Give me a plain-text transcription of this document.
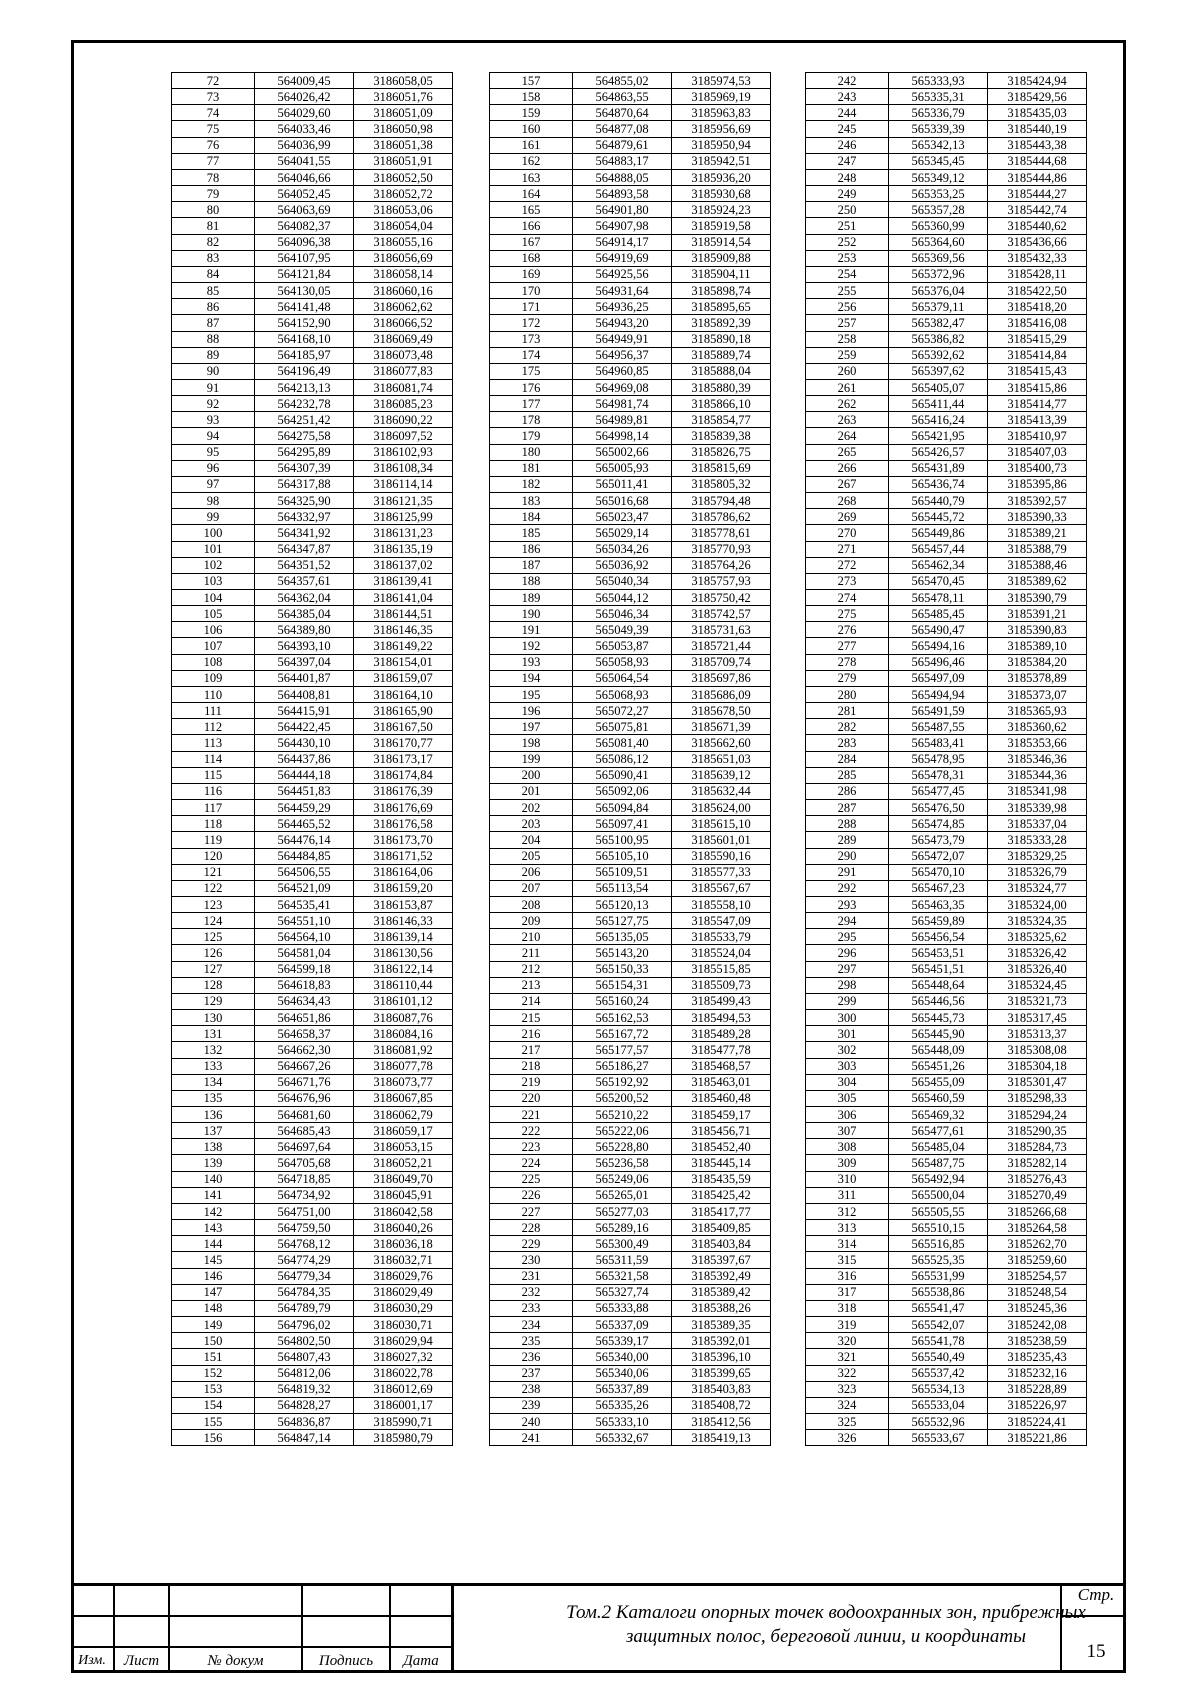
72	564009,45	3186058,05
73	564026,42	3186051,76
74	564029,60	3186051,09
75	564033,46	3186050,98
76	564036,99	3186051,38
77	564041,55	3186051,91
78	564046,66	3186052,50
79	564052,45	3186052,72
80	564063,69	3186053,06
81	564082,37	3186054,04
82	564096,38	3186055,16
83	564107,95	3186056,69
84	564121,84	3186058,14
85	564130,05	3186060,16
86	564141,48	3186062,62
87	564152,90	3186066,52
88	564168,10	3186069,49
89	564185,97	3186073,48
90	564196,49	3186077,83
91	564213,13	3186081,74
92	564232,78	3186085,23
93	564251,42	3186090,22
94	564275,58	3186097,52
95	564295,89	3186102,93
96	564307,39	3186108,34
97	564317,88	3186114,14
98	564325,90	3186121,35
99	564332,97	3186125,99
100	564341,92	3186131,23
101	564347,87	3186135,19
102	564351,52	3186137,02
103	564357,61	3186139,41
104	564362,04	3186141,04
105	564385,04	3186144,51
106	564389,80	3186146,35
107	564393,10	3186149,22
108	564397,04	3186154,01
109	564401,87	3186159,07
110	564408,81	3186164,10
111	564415,91	3186165,90
112	564422,45	3186167,50
113	564430,10	3186170,77
114	564437,86	3186173,17
115	564444,18	3186174,84
116	564451,83	3186176,39
117	564459,29	3186176,69
118	564465,52	3186176,58
119	564476,14	3186173,70
120	564484,85	3186171,52
121	564506,55	3186164,06
122	564521,09	3186159,20
123	564535,41	3186153,87
124	564551,10	3186146,33
125	564564,10	3186139,14
126	564581,04	3186130,56
127	564599,18	3186122,14
128	564618,83	3186110,44
129	564634,43	3186101,12
130	564651,86	3186087,76
131	564658,37	3186084,16
132	564662,30	3186081,92
133	564667,26	3186077,78
134	564671,76	3186073,77
135	564676,96	3186067,85
136	564681,60	3186062,79
137	564685,43	3186059,17
138	564697,64	3186053,15
139	564705,68	3186052,21
140	564718,85	3186049,70
141	564734,92	3186045,91
142	564751,00	3186042,58
143	564759,50	3186040,26
144	564768,12	3186036,18
145	564774,29	3186032,71
146	564779,34	3186029,76
147	564784,35	3186029,49
148	564789,79	3186030,29
149	564796,02	3186030,71
150	564802,50	3186029,94
151	564807,43	3186027,32
152	564812,06	3186022,78
153	564819,32	3186012,69
154	564828,27	3186001,17
155	564836,87	3185990,71
156	564847,14	3185980,79
157	564855,02	3185974,53
158	564863,55	3185969,19
159	564870,64	3185963,83
160	564877,08	3185956,69
161	564879,61	3185950,94
162	564883,17	3185942,51
163	564888,05	3185936,20
164	564893,58	3185930,68
165	564901,80	3185924,23
166	564907,98	3185919,58
167	564914,17	3185914,54
168	564919,69	3185909,88
169	564925,56	3185904,11
170	564931,64	3185898,74
171	564936,25	3185895,65
172	564943,20	3185892,39
173	564949,91	3185890,18
174	564956,37	3185889,74
175	564960,85	3185888,04
176	564969,08	3185880,39
177	564981,74	3185866,10
178	564989,81	3185854,77
179	564998,14	3185839,38
180	565002,66	3185826,75
181	565005,93	3185815,69
182	565011,41	3185805,32
183	565016,68	3185794,48
184	565023,47	3185786,62
185	565029,14	3185778,61
186	565034,26	3185770,93
187	565036,92	3185764,26
188	565040,34	3185757,93
189	565044,12	3185750,42
190	565046,34	3185742,57
191	565049,39	3185731,63
192	565053,87	3185721,44
193	565058,93	3185709,74
194	565064,54	3185697,86
195	565068,93	3185686,09
196	565072,27	3185678,50
197	565075,81	3185671,39
198	565081,40	3185662,60
199	565086,12	3185651,03
200	565090,41	3185639,12
201	565092,06	3185632,44
202	565094,84	3185624,00
203	565097,41	3185615,10
204	565100,95	3185601,01
205	565105,10	3185590,16
206	565109,51	3185577,33
207	565113,54	3185567,67
208	565120,13	3185558,10
209	565127,75	3185547,09
210	565135,05	3185533,79
211	565143,20	3185524,04
212	565150,33	3185515,85
213	565154,31	3185509,73
214	565160,24	3185499,43
215	565162,53	3185494,53
216	565167,72	3185489,28
217	565177,57	3185477,78
218	565186,27	3185468,57
219	565192,92	3185463,01
220	565200,52	3185460,48
221	565210,22	3185459,17
222	565222,06	3185456,71
223	565228,80	3185452,40
224	565236,58	3185445,14
225	565249,06	3185435,59
226	565265,01	3185425,42
227	565277,03	3185417,77
228	565289,16	3185409,85
229	565300,49	3185403,84
230	565311,59	3185397,67
231	565321,58	3185392,49
232	565327,74	3185389,42
233	565333,88	3185388,26
234	565337,09	3185389,35
235	565339,17	3185392,01
236	565340,00	3185396,10
237	565340,06	3185399,65
238	565337,89	3185403,83
239	565335,26	3185408,72
240	565333,10	3185412,56
241	565332,67	3185419,13
242	565333,93	3185424,94
243	565335,31	3185429,56
244	565336,79	3185435,03
245	565339,39	3185440,19
246	565342,13	3185443,38
247	565345,45	3185444,68
248	565349,12	3185444,86
249	565353,25	3185444,27
250	565357,28	3185442,74
251	565360,99	3185440,62
252	565364,60	3185436,66
253	565369,56	3185432,33
254	565372,96	3185428,11
255	565376,04	3185422,50
256	565379,11	3185418,20
257	565382,47	3185416,08
258	565386,82	3185415,29
259	565392,62	3185414,84
260	565397,62	3185415,43
261	565405,07	3185415,86
262	565411,44	3185414,77
263	565416,24	3185413,39
264	565421,95	3185410,97
265	565426,57	3185407,03
266	565431,89	3185400,73
267	565436,74	3185395,86
268	565440,79	3185392,57
269	565445,72	3185390,33
270	565449,86	3185389,21
271	565457,44	3185388,79
272	565462,34	3185388,46
273	565470,45	3185389,62
274	565478,11	3185390,79
275	565485,45	3185391,21
276	565490,47	3185390,83
277	565494,16	3185389,10
278	565496,46	3185384,20
279	565497,09	3185378,89
280	565494,94	3185373,07
281	565491,59	3185365,93
282	565487,55	3185360,62
283	565483,41	3185353,66
284	565478,95	3185346,36
285	565478,31	3185344,36
286	565477,45	3185341,98
287	565476,50	3185339,98
288	565474,85	3185337,04
289	565473,79	3185333,28
290	565472,07	3185329,25
291	565470,10	3185326,79
292	565467,23	3185324,77
293	565463,35	3185324,00
294	565459,89	3185324,35
295	565456,54	3185325,62
296	565453,51	3185326,42
297	565451,51	3185326,40
298	565448,64	3185324,45
299	565446,56	3185321,73
300	565445,73	3185317,45
301	565445,90	3185313,37
302	565448,09	3185308,08
303	565451,26	3185304,18
304	565455,09	3185301,47
305	565460,59	3185298,33
306	565469,32	3185294,24
307	565477,61	3185290,35
308	565485,04	3185284,73
309	565487,75	3185282,14
310	565492,94	3185276,43
311	565500,04	3185270,49
312	565505,55	3185266,68
313	565510,15	3185264,58
314	565516,85	3185262,70
315	565525,35	3185259,60
316	565531,99	3185254,57
317	565538,86	3185248,54
318	565541,47	3185245,36
319	565542,07	3185242,08
320	565541,78	3185238,59
321	565540,49	3185235,43
322	565537,42	3185232,16
323	565534,13	3185228,89
324	565533,04	3185226,97
325	565532,96	3185224,41
326	565533,67	3185221,86
Изм.	Лист	№ докум	Подпись	Дата
Том.2 Каталоги опорных точек водоохранных зон, прибрежных защитных полос, береговой линии, и координаты
Стр.
15
